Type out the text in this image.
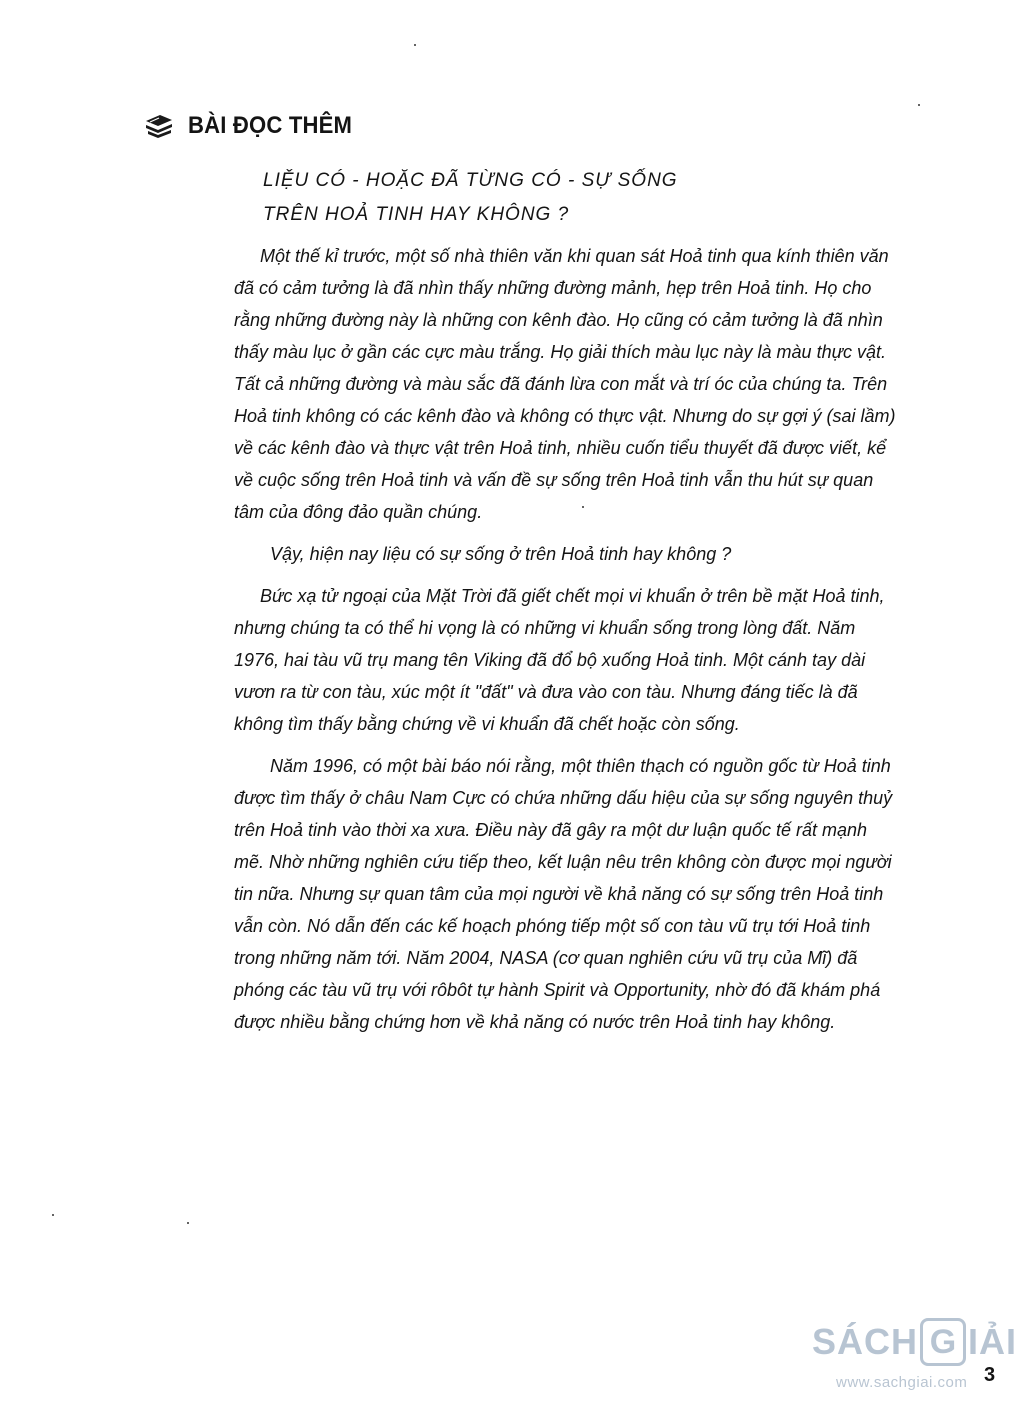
BÀI ĐỌC THÊM
LIỆU CÓ - HOẶC ĐÃ TỪNG CÓ - SỰ SỐNG
TRÊN HOẢ TINH HAY KHÔNG ?
Một thế kỉ trước, một số nhà thiên văn khi quan sát Hoả tinh qua kính thiên văn
đã có cảm tưởng là đã nhìn thấy những đường mảnh, hẹp trên Hoả tinh. Họ cho
rằng những đường này là những con kênh đào. Họ cũng có cảm tưởng là đã nhìn
thấy màu lục ở gần các cực màu trắng. Họ giải thích màu lục này là màu thực vật.
Tất cả những đường và màu sắc đã đánh lừa con mắt và trí óc của chúng ta. Trên
Hoả tinh không có các kênh đào và không có thực vật. Nhưng do sự gợi ý (sai lầm)
về các kênh đào và thực vật trên Hoả tinh, nhiều cuốn tiểu thuyết đã được viết, kể
về cuộc sống trên Hoả tinh và vấn đề sự sống trên Hoả tinh vẫn thu hút sự quan
tâm của đông đảo quần chúng.
Vậy, hiện nay liệu có sự sống ở trên Hoả tinh hay không ?
Bức xạ tử ngoại của Mặt Trời đã giết chết mọi vi khuẩn ở trên bề mặt Hoả tinh,
nhưng chúng ta có thể hi vọng là có những vi khuẩn sống trong lòng đất. Năm
1976, hai tàu vũ trụ mang tên Viking đã đổ bộ xuống Hoả tinh. Một cánh tay dài
vươn ra từ con tàu, xúc một ít "đất" và đưa vào con tàu. Nhưng đáng tiếc là đã
không tìm thấy bằng chứng về vi khuẩn đã chết hoặc còn sống.
Năm 1996, có một bài báo nói rằng, một thiên thạch có nguồn gốc từ Hoả tinh
được tìm thấy ở châu Nam Cực có chứa những dấu hiệu của sự sống nguyên thuỷ
trên Hoả tinh vào thời xa xưa. Điều này đã gây ra một dư luận quốc tế rất mạnh
mẽ. Nhờ những nghiên cứu tiếp theo, kết luận nêu trên không còn được mọi người
tin nữa. Nhưng sự quan tâm của mọi người về khả năng có sự sống trên Hoả tinh
vẫn còn. Nó dẫn đến các kế hoạch phóng tiếp một số con tàu vũ trụ tới Hoả tinh
trong những năm tới. Năm 2004, NASA (cơ quan nghiên cứu vũ trụ của Mĩ) đã
phóng các tàu vũ trụ với rôbôt tự hành Spirit và Opportunity, nhờ đó đã khám phá
được nhiều bằng chứng hơn về khả năng có nước trên Hoả tinh hay không.
SÁCH G IẢI
www.sachgiai.com 3
